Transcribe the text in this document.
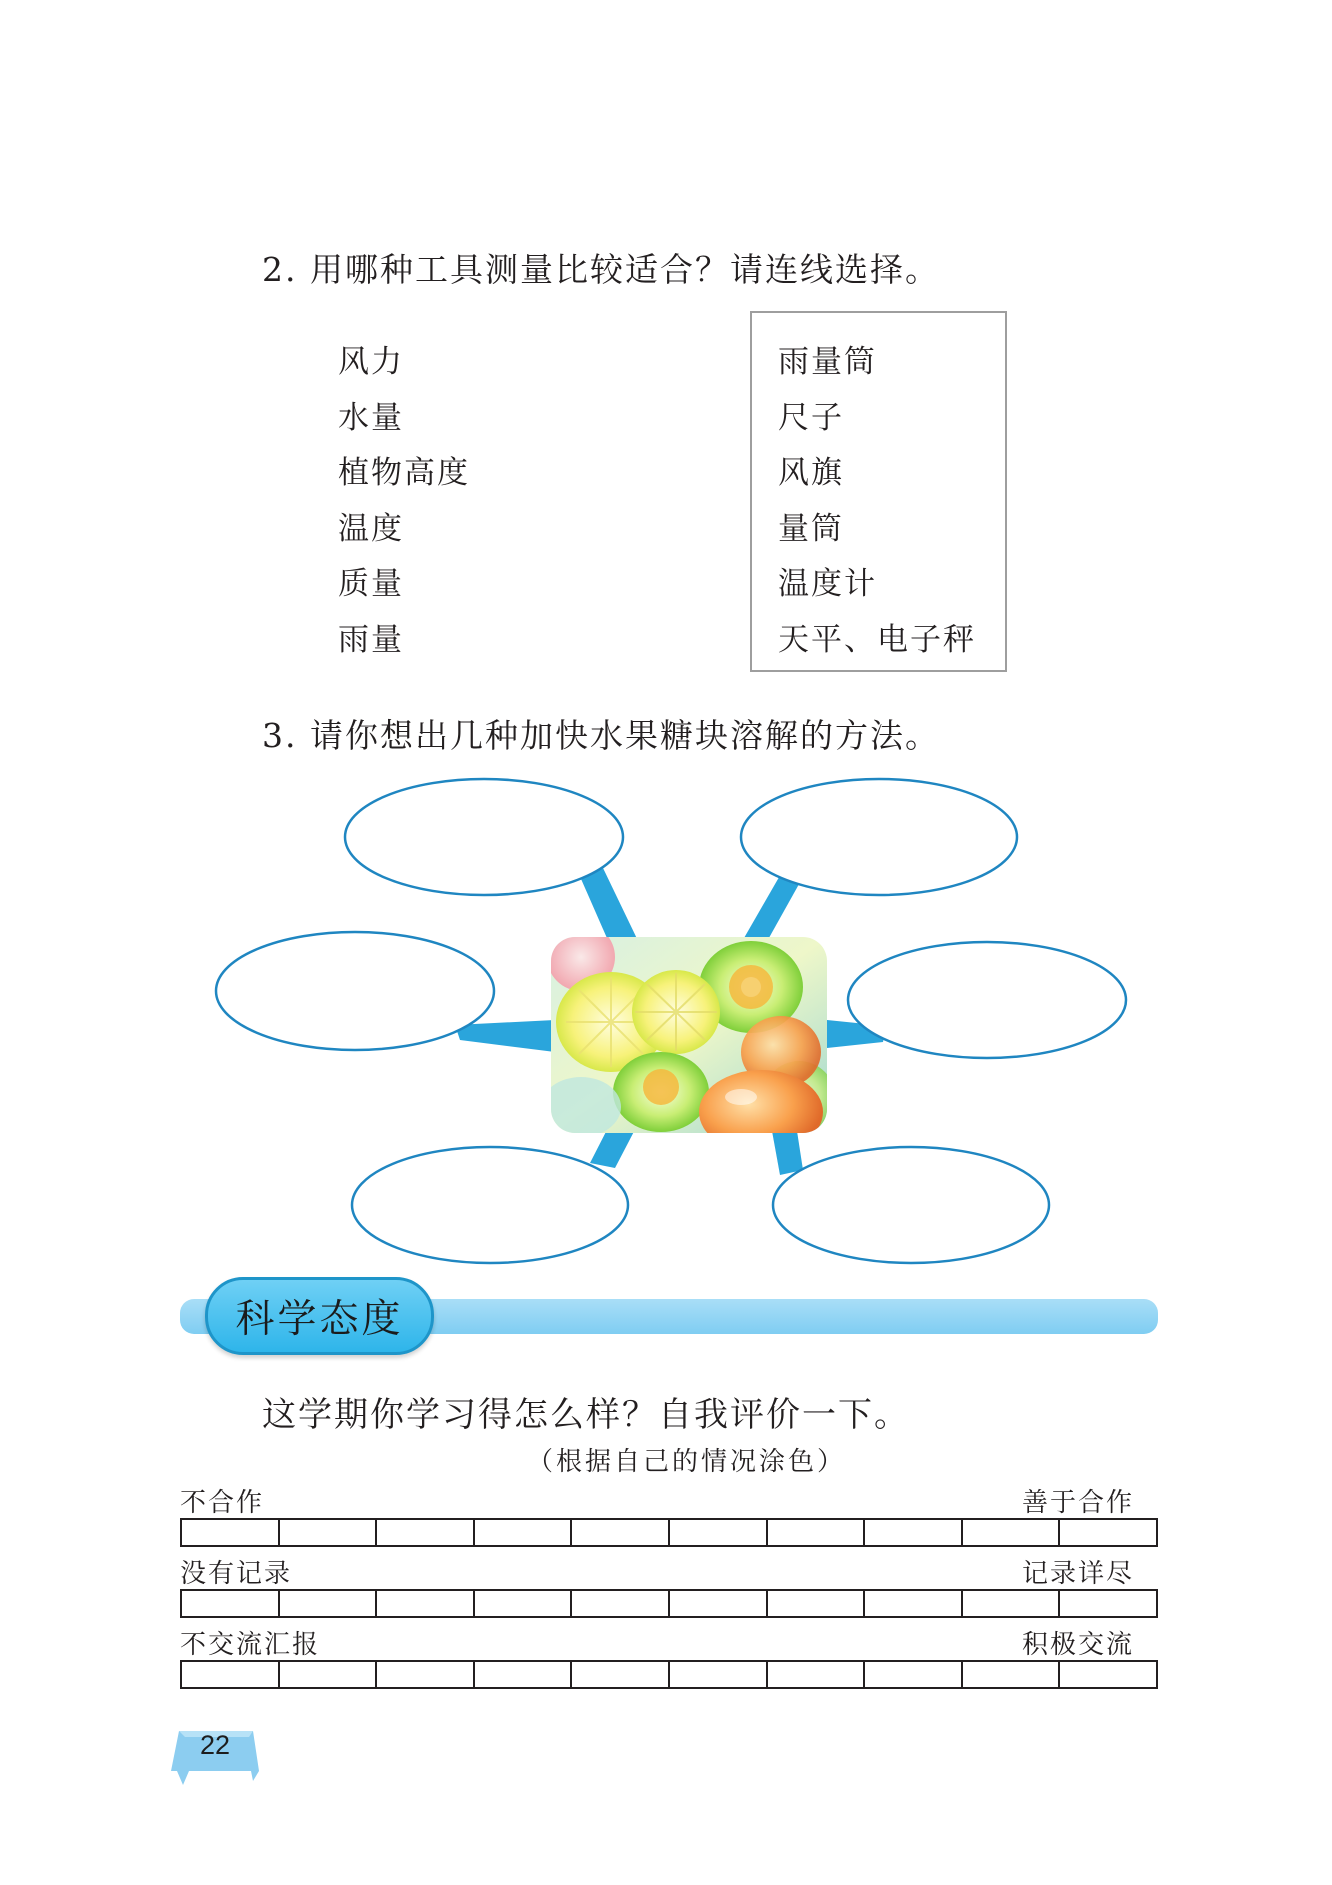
2. 用哪种工具测量比较适合？请连线选择。
风力
水量
植物高度
温度
质量
雨量
雨量筒
尺子
风旗
量筒
温度计
天平、电子秤
3. 请你想出几种加快水果糖块溶解的方法。
科学态度
这学期你学习得怎么样？自我评价一下。
（根据自己的情况涂色）
不合作	善于合作
没有记录	记录详尽
不交流汇报	积极交流
22
